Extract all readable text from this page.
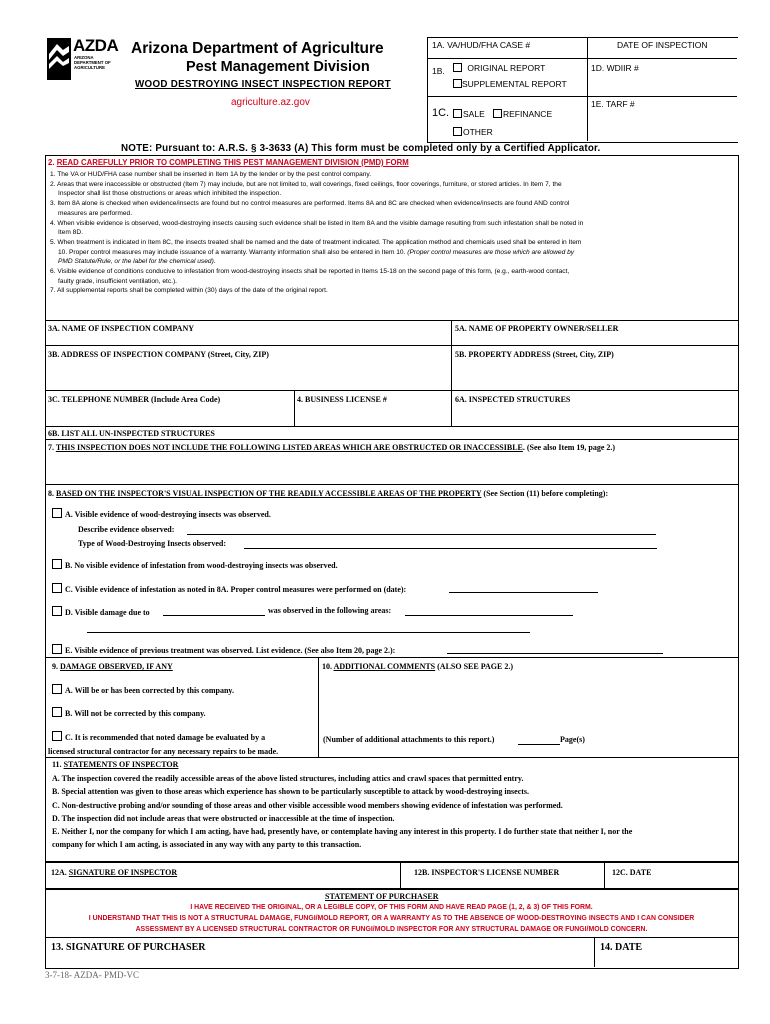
AZDA
ARIZONA DEPARTMENT OF AGRICULTURE
Arizona Department of Agriculture
Pest Management Division
WOOD DESTROYING INSECT INSPECTION REPORT
agriculture.az.gov
1A. VA/HUD/FHA CASE #	DATE OF INSPECTION
1B.	ORIGINAL REPORT
SUPPLEMENTAL REPORT
1D. WDIIR #
1C.	SALE	REFINANCE
OTHER
1E. TARF #
NOTE: Pursuant to: A.R.S. § 3-3633 (A) This form must be completed only by a Certified Applicator.
2. READ CAREFULLY PRIOR TO COMPLETING THIS PEST MANAGEMENT DIVISION (PMD) FORM
1. The VA or HUD/FHA case number shall be inserted in Item 1A by the lender or by the pest control company.
2. Areas that were inaccessible or obstructed (Item 7) may include, but are not limited to, wall coverings, fixed ceilings, floor coverings, furniture, or stored articles. In Item 7, the
Inspector shall list those obstructions or areas which inhibited the inspection.
3. Item 8A alone is checked when evidence/insects are found but no control measures are performed. Items 8A and 8C are checked when evidence/insects are found AND control
measures are performed.
4. When visible evidence is observed, wood-destroying insects causing such evidence shall be listed in Item 8A and the visible damage resulting from such infestation shall be noted in
Item 8D.
5. When treatment is indicated in Item 8C, the insects treated shall be named and the date of treatment indicated. The application method and chemicals used shall be entered in Item
10. Proper control measures may include issuance of a warranty. Warranty information shall also be entered in Item 10. (Proper control measures are those which are allowed by
PMD Statute/Rule, or the label for the chemical used).
6. Visible evidence of conditions conducive to infestation from wood-destroying insects shall be reported in Items 15-18 on the second page of this form, (e.g., earth-wood contact,
faulty grade, insufficient ventilation, etc.).
7. All supplemental reports shall be completed within (30) days of the date of the original report.
3A. NAME OF INSPECTION COMPANY	5A. NAME OF PROPERTY OWNER/SELLER
3B. ADDRESS OF INSPECTION COMPANY (Street, City, ZIP)	5B. PROPERTY ADDRESS (Street, City, ZIP)
3C. TELEPHONE NUMBER (Include Area Code)	4. BUSINESS LICENSE #	6A. INSPECTED STRUCTURES
6B. LIST ALL UN-INSPECTED STRUCTURES
7. THIS INSPECTION DOES NOT INCLUDE THE FOLLOWING LISTED AREAS WHICH ARE OBSTRUCTED OR INACCESSIBLE. (See also Item 19, page 2.)
8. BASED ON THE INSPECTOR'S VISUAL INSPECTION OF THE READILY ACCESSIBLE AREAS OF THE PROPERTY (See Section (11) before completing):
A. Visible evidence of wood-destroying insects was observed.
Describe evidence observed:
Type of Wood-Destroying Insects observed:
B. No visible evidence of infestation from wood-destroying insects was observed.
C. Visible evidence of infestation as noted in 8A. Proper control measures were performed on (date):
D. Visible damage due to	was observed in the following areas:
E. Visible evidence of previous treatment was observed. List evidence. (See also Item 20, page 2.):
9. DAMAGE OBSERVED, IF ANY
A. Will be or has been corrected by this company.
B. Will not be corrected by this company.
C. It is recommended that noted damage be evaluated by a
licensed structural contractor for any necessary repairs to be made.
10. ADDITIONAL COMMENTS (ALSO SEE PAGE 2.)
(Number of additional attachments to this report.)	Page(s)
11. STATEMENTS OF INSPECTOR
A. The inspection covered the readily accessible areas of the above listed structures, including attics and crawl spaces that permitted entry.
B. Special attention was given to those areas which experience has shown to be particularly susceptible to attack by wood-destroying insects.
C. Non-destructive probing and/or sounding of those areas and other visible accessible wood members showing evidence of infestation was performed.
D. The inspection did not include areas that were obstructed or inaccessible at the time of inspection.
E. Neither I, nor the company for which I am acting, have had, presently have, or contemplate having any interest in this property. I do further state that neither I, nor the
company for which I am acting, is associated in any way with any party to this transaction.
12A. SIGNATURE OF INSPECTOR	12B. INSPECTOR'S LICENSE NUMBER	12C. DATE
STATEMENT OF PURCHASER
I HAVE RECEIVED THE ORIGINAL, OR A LEGIBLE COPY, OF THIS FORM AND HAVE READ PAGE (1, 2, & 3) OF THIS FORM.
I UNDERSTAND THAT THIS IS NOT A STRUCTURAL DAMAGE, FUNGI/MOLD REPORT, OR A WARRANTY AS TO THE ABSENCE OF WOOD-DESTROYING INSECTS AND I CAN CONSIDER
ASSESSMENT BY A LICENSED STRUCTURAL CONTRACTOR OR FUNGI/MOLD INSPECTOR FOR ANY STRUCTURAL DAMAGE OR FUNGI/MOLD CONCERN.
13. SIGNATURE OF PURCHASER	14. DATE
3-7-18- AZDA- PMD-VC
